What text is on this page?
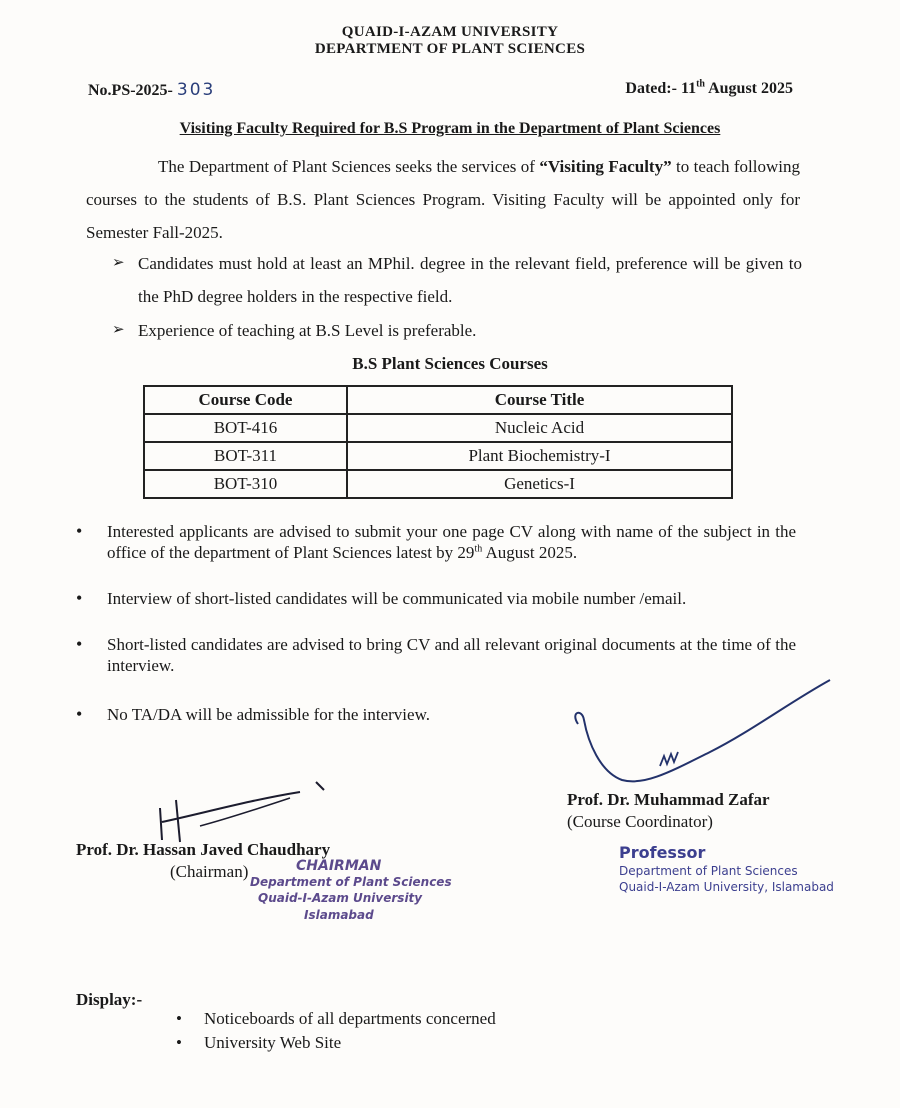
QUAID-I-AZAM UNIVERSITY
DEPARTMENT OF PLANT SCIENCES
No.PS-2025- 303	Dated:- 11th August 2025
Visiting Faculty Required for B.S Program in the Department of Plant Sciences
The Department of Plant Sciences seeks the services of “Visiting Faculty” to teach following courses to the students of B.S. Plant Sciences Program. Visiting Faculty will be appointed only for Semester Fall-2025.
➢ Candidates must hold at least an MPhil. degree in the relevant field, preference will be given to the PhD degree holders in the respective field.
➢ Experience of teaching at B.S Level is preferable.
B.S Plant Sciences Courses
Course Code	Course Title
BOT-416	Nucleic Acid
BOT-311	Plant Biochemistry-I
BOT-310	Genetics-I
• Interested applicants are advised to submit your one page CV along with name of the subject in the office of the department of Plant Sciences latest by 29th August 2025.
• Interview of short-listed candidates will be communicated via mobile number /email.
• Short-listed candidates are advised to bring CV and all relevant original documents at the time of the interview.
• No TA/DA will be admissible for the interview.
Prof. Dr. Muhammad Zafar
(Course Coordinator)
Professor
Department of Plant Sciences
Quaid-I-Azam University, Islamabad
Prof. Dr. Hassan Javed Chaudhary
(Chairman)	CHAIRMAN
Department of Plant Sciences
Quaid-I-Azam University
Islamabad
Display:-
• Noticeboards of all departments concerned
• University Web Site
